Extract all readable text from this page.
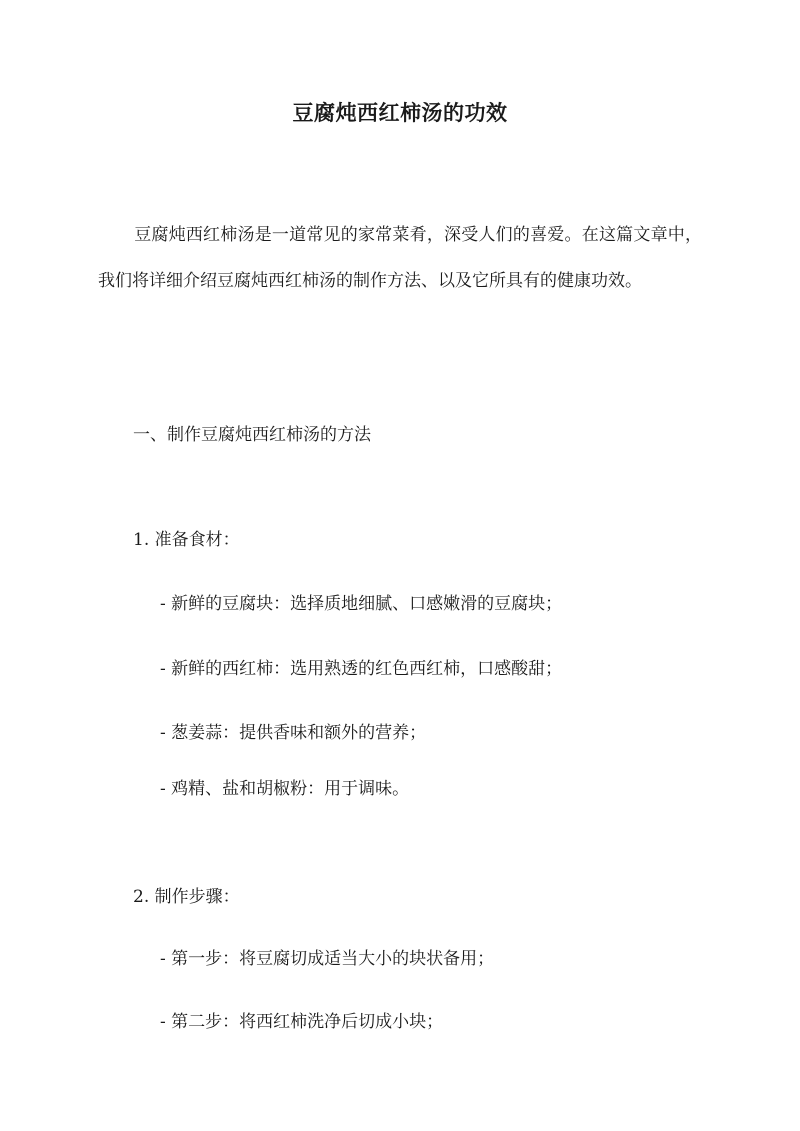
豆腐炖西红柿汤的功效
豆腐炖西红柿汤是一道常见的家常菜肴，深受人们的喜爱。在这篇文章中，我们将详细介绍豆腐炖西红柿汤的制作方法、以及它所具有的健康功效。
一、制作豆腐炖西红柿汤的方法
1. 准备食材：
- 新鲜的豆腐块：选择质地细腻、口感嫩滑的豆腐块；
- 新鲜的西红柿：选用熟透的红色西红柿，口感酸甜；
- 葱姜蒜：提供香味和额外的营养；
- 鸡精、盐和胡椒粉：用于调味。
2. 制作步骤：
- 第一步：将豆腐切成适当大小的块状备用；
- 第二步：将西红柿洗净后切成小块；
